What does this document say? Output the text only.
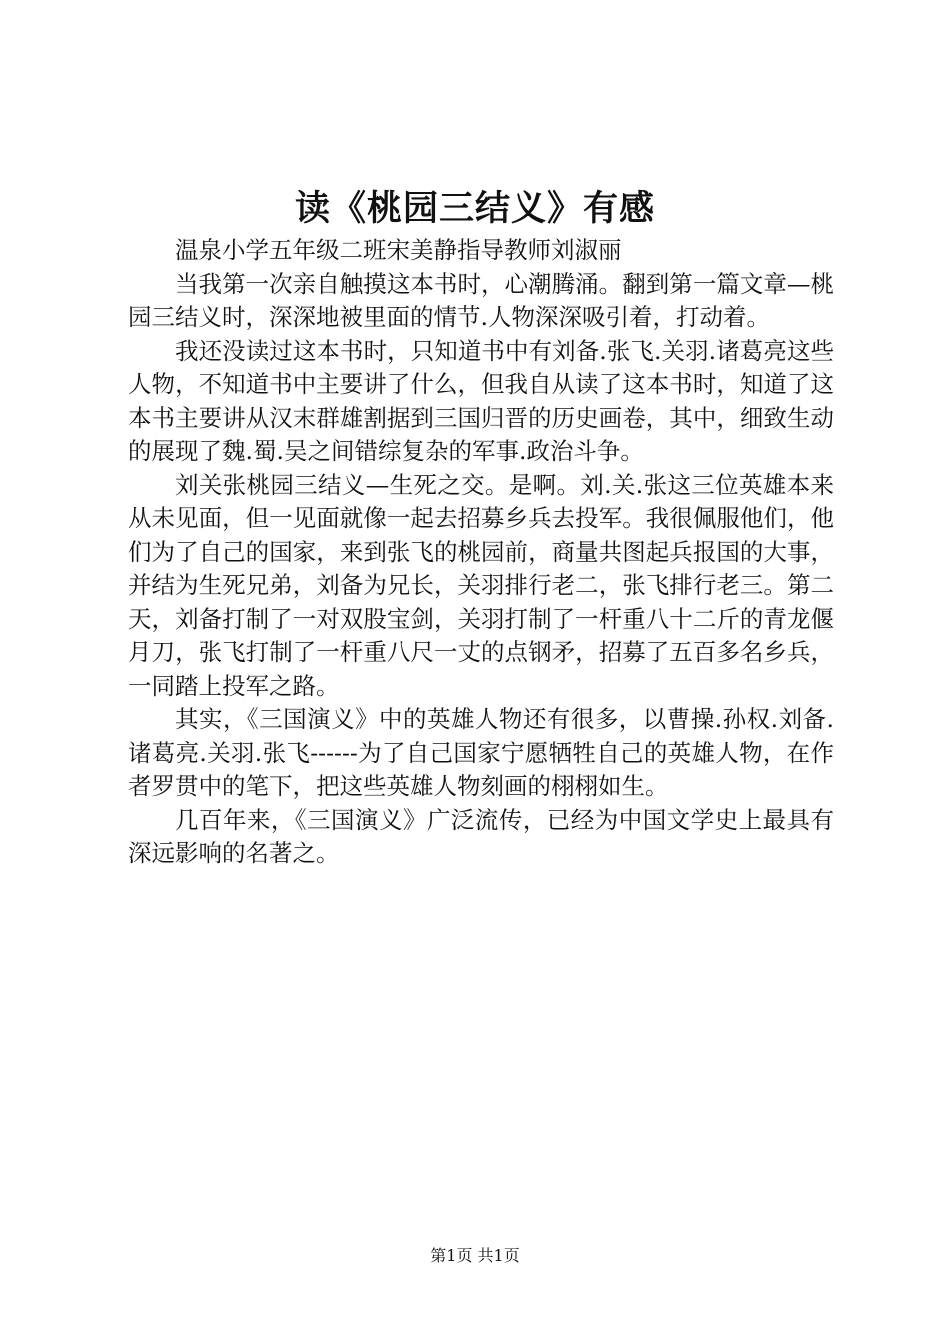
读《桃园三结义》有感

温泉小学五年级二班宋美静指导教师刘淑丽

当我第一次亲自触摸这本书时，心潮腾涌。翻到第一篇文章—桃园三结义时，深深地被里面的情节.人物深深吸引着，打动着。

我还没读过这本书时，只知道书中有刘备.张飞.关羽.诸葛亮这些人物，不知道书中主要讲了什么，但我自从读了这本书时，知道了这本书主要讲从汉末群雄割据到三国归晋的历史画卷，其中，细致生动的展现了魏.蜀.吴之间错综复杂的军事.政治斗争。

刘关张桃园三结义—生死之交。是啊。刘.关.张这三位英雄本来从未见面，但一见面就像一起去招募乡兵去投军。我很佩服他们，他们为了自己的国家，来到张飞的桃园前，商量共图起兵报国的大事，并结为生死兄弟，刘备为兄长，关羽排行老二，张飞排行老三。第二天，刘备打制了一对双股宝剑，关羽打制了一杆重八十二斤的青龙偃月刀，张飞打制了一杆重八尺一丈的点钢矛，招募了五百多名乡兵，一同踏上投军之路。

其实，《三国演义》中的英雄人物还有很多，以曹操.孙权.刘备.诸葛亮.关羽.张飞------为了自己国家宁愿牺牲自己的英雄人物，在作者罗贯中的笔下，把这些英雄人物刻画的栩栩如生。

几百年来，《三国演义》广泛流传，已经为中国文学史上最具有深远影响的名著之。

第1页 共1页
